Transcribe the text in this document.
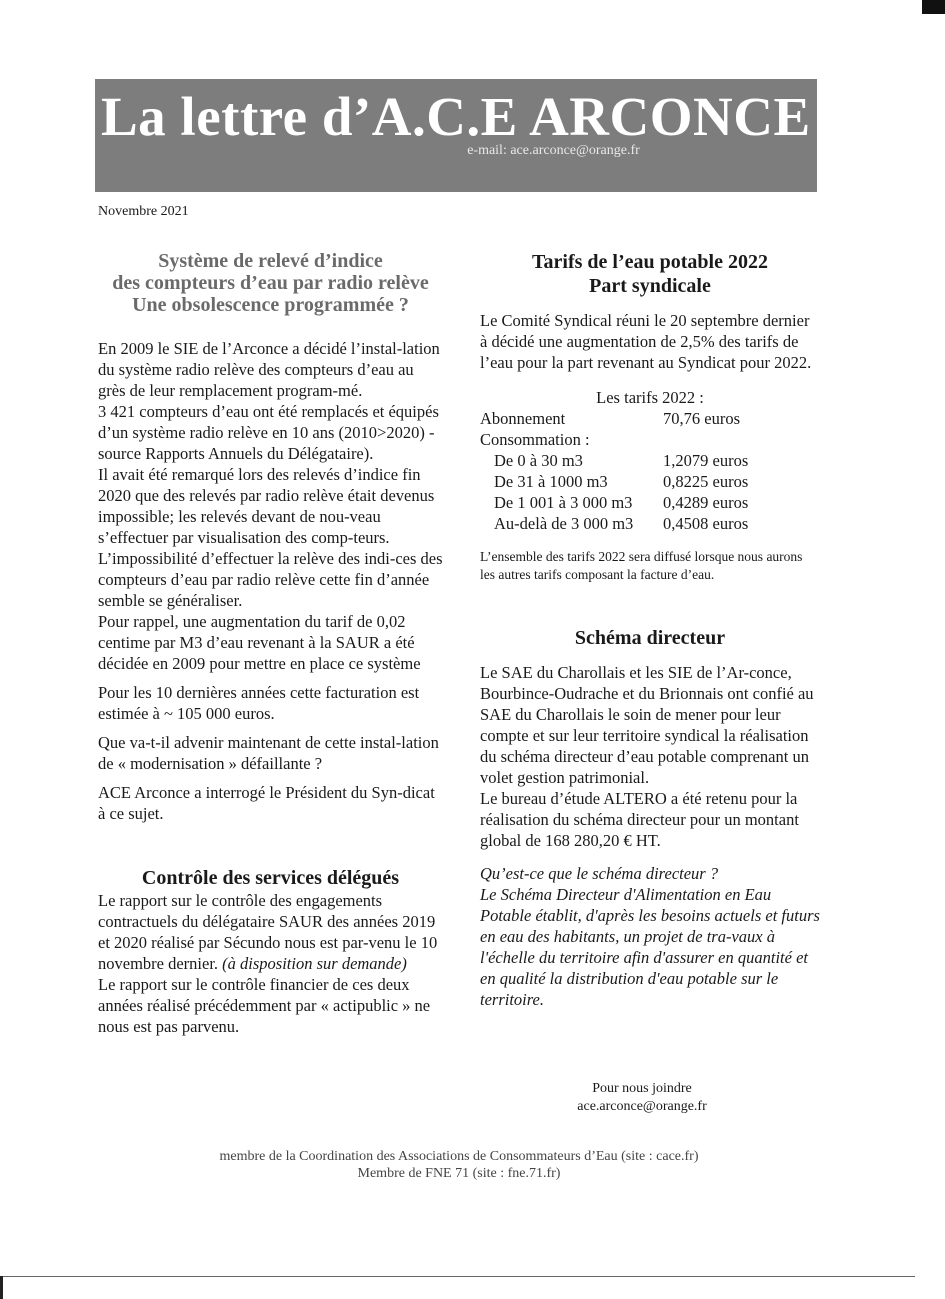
La lettre d’A.C.E ARCONCE
e-mail: ace.arconce@orange.fr
Novembre 2021
Système de relevé d’indice
des compteurs d’eau par radio relève
Une obsolescence programmée ?

En 2009 le SIE de l’Arconce a décidé l’instal-lation du système radio relève des compteurs d’eau au grès de leur remplacement program-mé.

3 421 compteurs d’eau ont été remplacés et équipés d’un système radio relève en 10 ans (2010>2020) - source Rapports Annuels du Délégataire).

Il avait été remarqué lors des relevés d’indice fin 2020 que des relevés par radio relève était devenus impossible; les relevés devant de nou-veau s’effectuer par visualisation des comp-teurs.

L’impossibilité d’effectuer la relève des indi-ces des compteurs d’eau par radio relève cette fin d’année semble se généraliser.

Pour rappel, une augmentation du tarif de 0,02 centime par M3 d’eau revenant à la SAUR a été décidée en 2009 pour mettre en place ce système

Pour les 10 dernières années cette facturation est estimée à ~ 105 000 euros.

Que va-t-il advenir maintenant de cette instal-lation de « modernisation » défaillante ?

ACE Arconce a interrogé le Président du Syn-dicat à ce sujet.

Contrôle des services délégués

Le rapport sur le contrôle des engagements contractuels du délégataire SAUR des années 2019 et 2020 réalisé par Sécundo nous est par-venu le 10 novembre dernier. (à disposition sur demande)

Le rapport sur le contrôle financier de ces deux années réalisé précédemment par « actipublic » ne nous est pas parvenu.

Tarifs de l’eau potable 2022
Part syndicale

Le Comité Syndical réuni le 20 septembre dernier à décidé une augmentation de 2,5% des tarifs de l’eau pour la part revenant au Syndicat pour 2022.

Les tarifs 2022 :
Abonnement	70,76 euros
Consommation :
De 0 à 30 m3	1,2079 euros
De 31 à 1000 m3	0,8225 euros
De 1 001 à 3 000 m3	0,4289 euros
Au-delà de 3 000 m3	0,4508 euros

L’ensemble des tarifs 2022 sera diffusé lorsque nous aurons les autres tarifs composant la facture d’eau.

Schéma directeur

Le SAE du Charollais et les SIE de l’Ar-conce, Bourbince-Oudrache et du Brionnais ont confié au SAE du Charollais le soin de mener pour leur compte et sur leur territoire syndical la réalisation du schéma directeur d’eau potable comprenant un volet gestion patrimonial.

Le bureau d’étude ALTERO a été retenu pour la réalisation du schéma directeur pour un montant global de 168 280,20 € HT.

Qu’est-ce que le schéma directeur ?

Le Schéma Directeur d'Alimentation en Eau Potable établit, d'après les besoins actuels et futurs en eau des habitants, un projet de tra-vaux à l'échelle du territoire afin d'assurer en quantité et en qualité la distribution d'eau potable sur le territoire.

Pour nous joindre
ace.arconce@orange.fr
membre de la Coordination des Associations de Consommateurs d’Eau (site : cace.fr)
Membre de FNE 71 (site : fne.71.fr)
